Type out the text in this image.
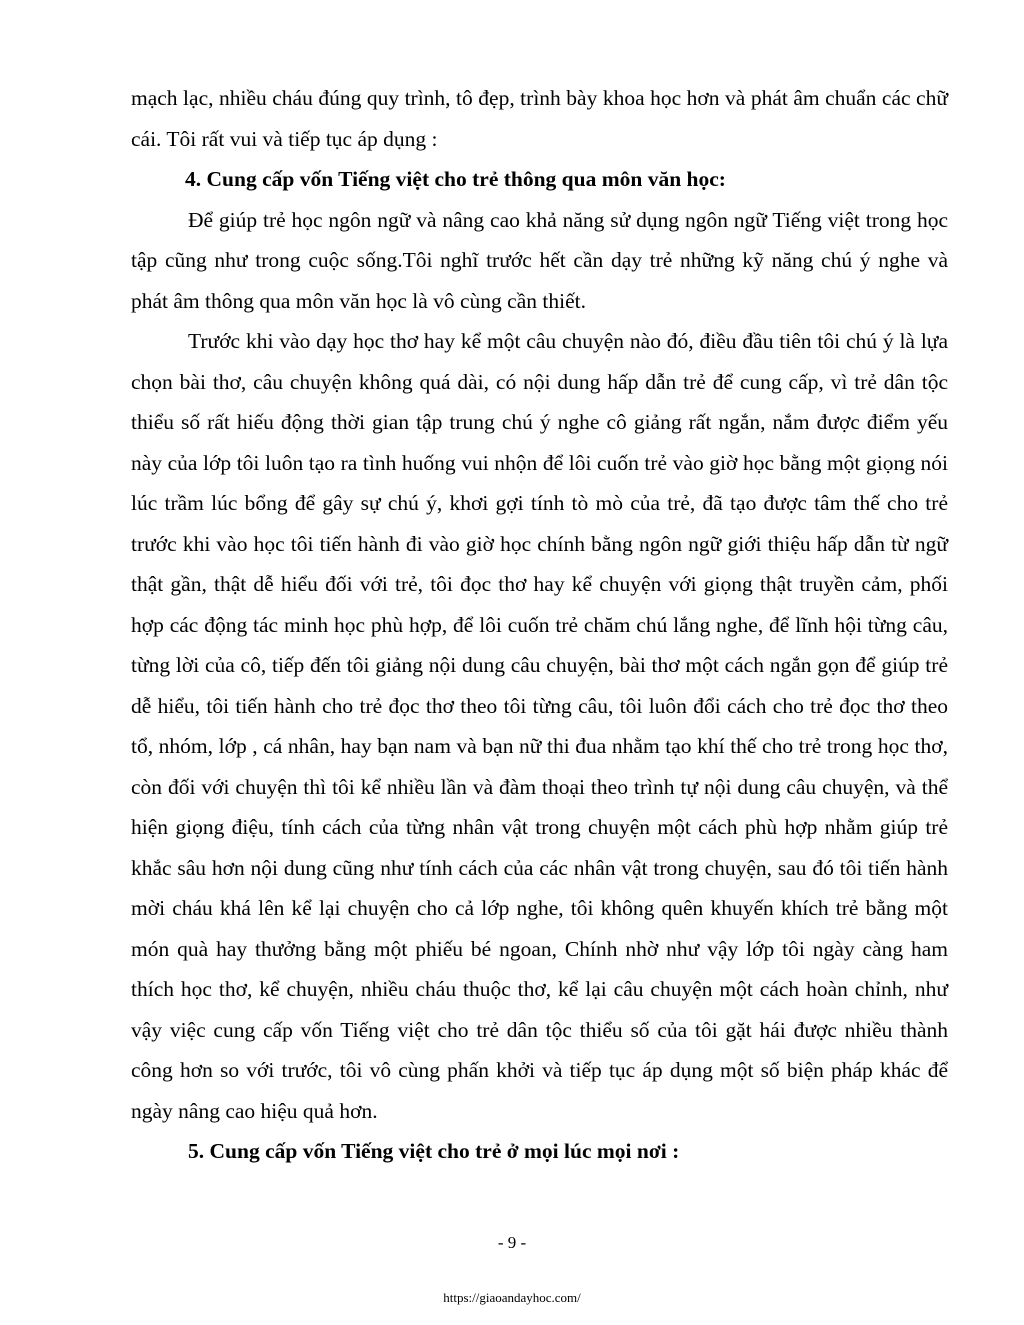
mạch lạc, nhiều cháu đúng quy trình, tô đẹp, trình bày khoa học hơn và phát âm chuẩn các chữ cái. Tôi rất vui và tiếp tục áp dụng :

4. Cung cấp vốn Tiếng việt cho trẻ thông qua môn văn học:

Để giúp trẻ học ngôn ngữ và nâng cao khả năng sử dụng ngôn ngữ Tiếng việt trong học tập cũng như trong cuộc sống.Tôi nghĩ trước hết cần dạy trẻ những kỹ năng chú ý nghe và phát âm thông qua môn văn học là vô cùng cần thiết.

Trước khi vào dạy học thơ hay kể một câu chuyện nào đó, điều đầu tiên tôi chú ý là lựa chọn bài thơ, câu chuyện không quá dài, có nội dung hấp dẫn trẻ để cung cấp, vì trẻ dân tộc thiểu số rất hiếu động thời gian tập trung chú ý nghe cô giảng rất ngắn, nắm được điểm yếu này của lớp tôi luôn tạo ra tình huống vui nhộn để lôi cuốn trẻ vào giờ học bằng một giọng nói lúc trầm lúc bổng để gây sự chú ý, khơi gợi tính tò mò của trẻ, đã tạo được tâm thế cho trẻ trước khi vào học tôi tiến hành đi vào giờ học chính bằng ngôn ngữ giới thiệu hấp dẫn từ ngữ thật gần, thật dễ hiểu đối với trẻ, tôi đọc thơ hay kể chuyện với giọng thật truyền cảm, phối hợp các động tác minh học phù hợp, để lôi cuốn trẻ chăm chú lắng nghe, để lĩnh hội từng câu, từng lời của cô, tiếp đến tôi giảng nội dung câu chuyện, bài thơ một cách ngắn gọn để giúp trẻ dễ hiểu, tôi tiến hành cho trẻ đọc thơ theo tôi từng câu, tôi luôn đổi cách cho trẻ đọc thơ theo tổ, nhóm, lớp , cá nhân, hay bạn nam và bạn nữ thi đua nhằm tạo khí thế cho trẻ trong học thơ, còn đối với chuyện thì tôi kể nhiều lần và đàm thoại theo trình tự nội dung câu chuyện, và thể hiện giọng điệu, tính cách của từng nhân vật trong chuyện một cách phù hợp nhằm giúp trẻ khắc sâu hơn nội dung cũng như tính cách của các nhân vật trong chuyện, sau đó tôi tiến hành mời cháu khá lên kể lại chuyện cho cả lớp nghe, tôi không quên khuyến khích trẻ bằng một món quà hay thưởng bằng một phiếu bé ngoan, Chính nhờ như vậy lớp tôi ngày càng ham thích học thơ, kể chuyện, nhiều cháu thuộc thơ, kể lại câu chuyện một cách hoàn chỉnh, như vậy việc cung cấp vốn Tiếng việt cho trẻ dân tộc thiểu số của tôi gặt hái được nhiều thành công hơn so với trước, tôi vô cùng phấn khởi và tiếp tục áp dụng một số biện pháp khác để ngày nâng cao hiệu quả hơn.

5. Cung cấp vốn Tiếng việt cho trẻ ở mọi lúc mọi nơi :

- 9 -
https://giaoandayhoc.com/
